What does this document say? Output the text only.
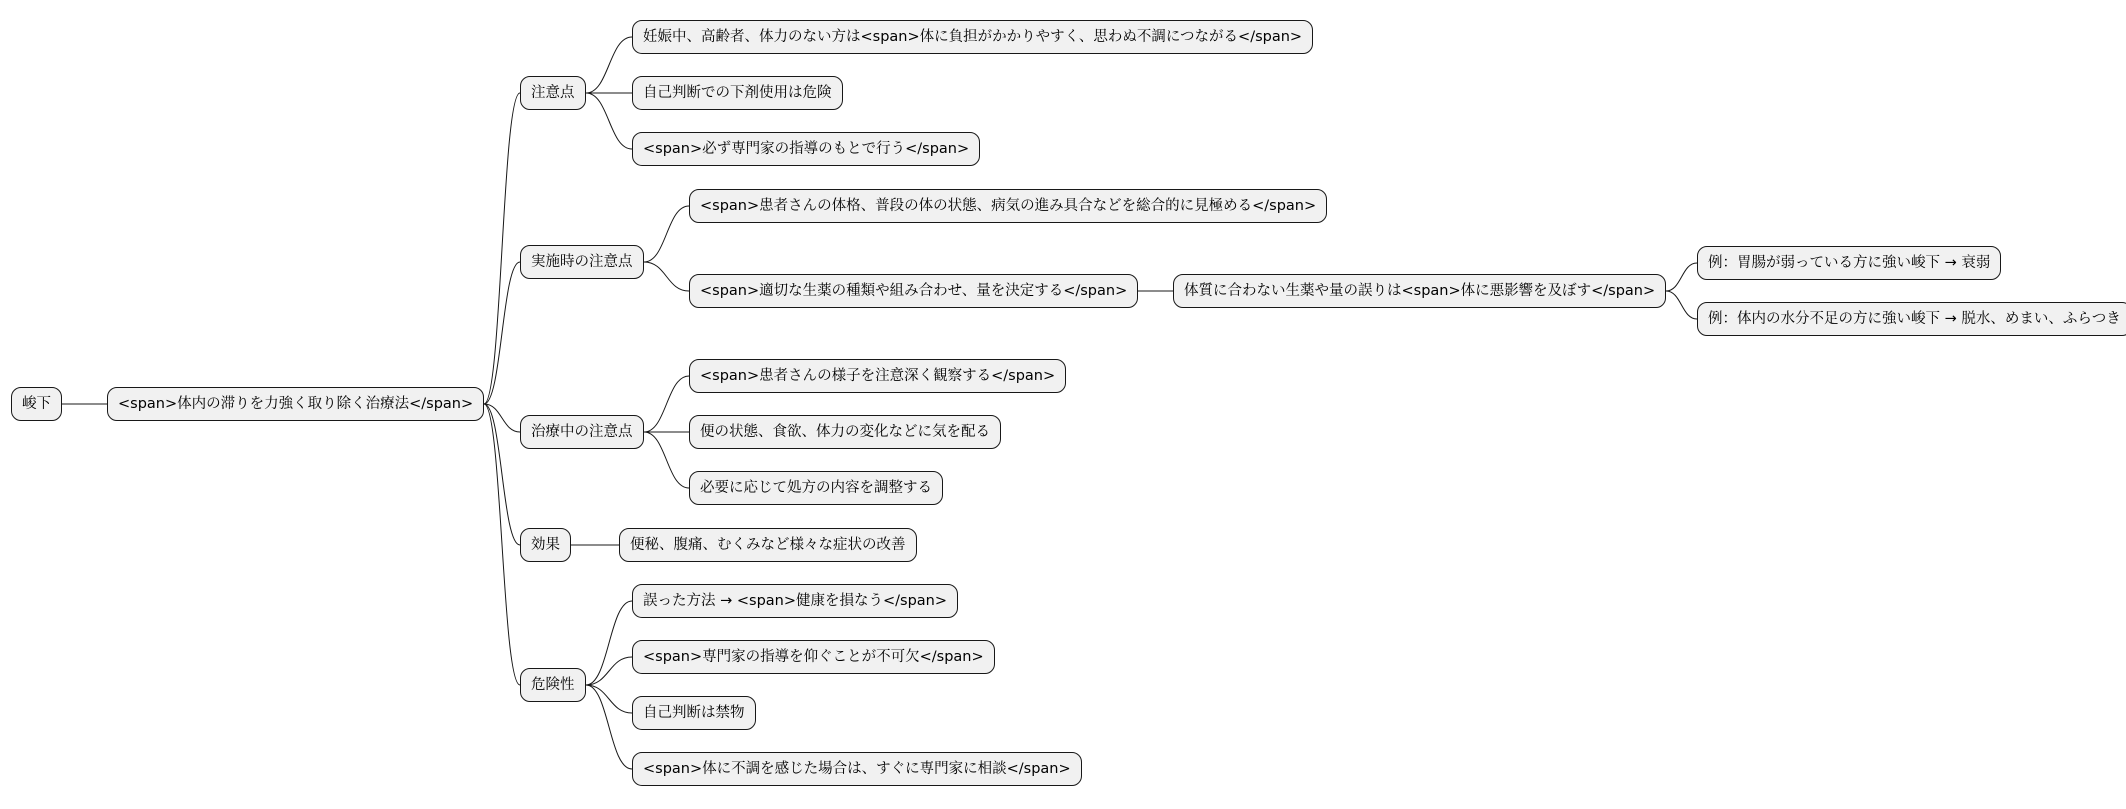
峻下	<span>体内の滞りを力強く取り除く治療法</span>
注意点
妊娠中、高齢者、体力のない方は<span>体に負担がかかりやすく、思わぬ不調につながる</span>
自己判断での下剤使用は危険
<span>必ず専門家の指導のもとで行う</span>
実施時の注意点
<span>患者さんの体格、普段の体の状態、病気の進み具合などを総合的に見極める</span>
<span>適切な生薬の種類や組み合わせ、量を決定する</span>	体質に合わない生薬や量の誤りは<span>体に悪影響を及ぼす</span>
例：胃腸が弱っている方に強い峻下 → 衰弱
例：体内の水分不足の方に強い峻下 → 脱水、めまい、ふらつき
治療中の注意点
<span>患者さんの様子を注意深く観察する</span>
便の状態、食欲、体力の変化などに気を配る
必要に応じて処方の内容を調整する
効果	便秘、腹痛、むくみなど様々な症状の改善
危険性
誤った方法 → <span>健康を損なう</span>
<span>専門家の指導を仰ぐことが不可欠</span>
自己判断は禁物
<span>体に不調を感じた場合は、すぐに専門家に相談</span>
